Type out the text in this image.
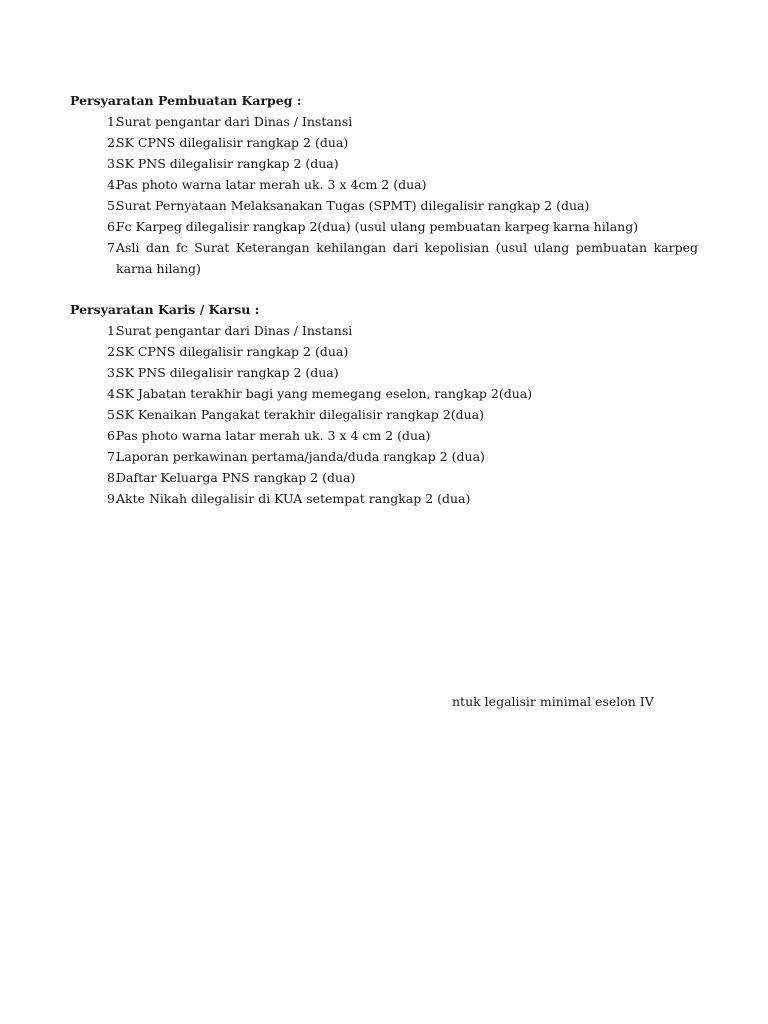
Persyaratan Pembuatan Karpeg :

1.
Surat pengantar dari Dinas / Instansi
2.
SK CPNS dilegalisir rangkap 2 (dua)
3.
SK PNS dilegalisir rangkap 2 (dua)
4.
Pas photo warna latar merah uk. 3 x 4cm 2 (dua)
5.
Surat Pernyataan Melaksanakan Tugas (SPMT) dilegalisir rangkap 2 (dua)
6.
Fc Karpeg dilegalisir rangkap 2(dua) (usul ulang pembuatan karpeg karna hilang)
7.
Asli dan fc Surat Keterangan kehilangan dari kepolisian (usul ulang pembuatan karpeg karna hilang)

Persyaratan Karis / Karsu :

1.
Surat pengantar dari Dinas / Instansi
2.
SK CPNS dilegalisir rangkap 2 (dua)
3.
SK PNS dilegalisir rangkap 2 (dua)
4.
SK Jabatan terakhir bagi yang memegang eselon, rangkap 2(dua)
5.
SK Kenaikan Pangakat terakhir dilegalisir rangkap 2(dua)
6.
Pas photo warna latar merah uk. 3 x 4 cm 2 (dua)
7.
Laporan perkawinan pertama/janda/duda rangkap 2 (dua)
8.
Daftar Keluarga PNS rangkap 2 (dua)
9.
Akte Nikah dilegalisir di KUA setempat rangkap 2 (dua)
ntuk legalisir minimal eselon IV
